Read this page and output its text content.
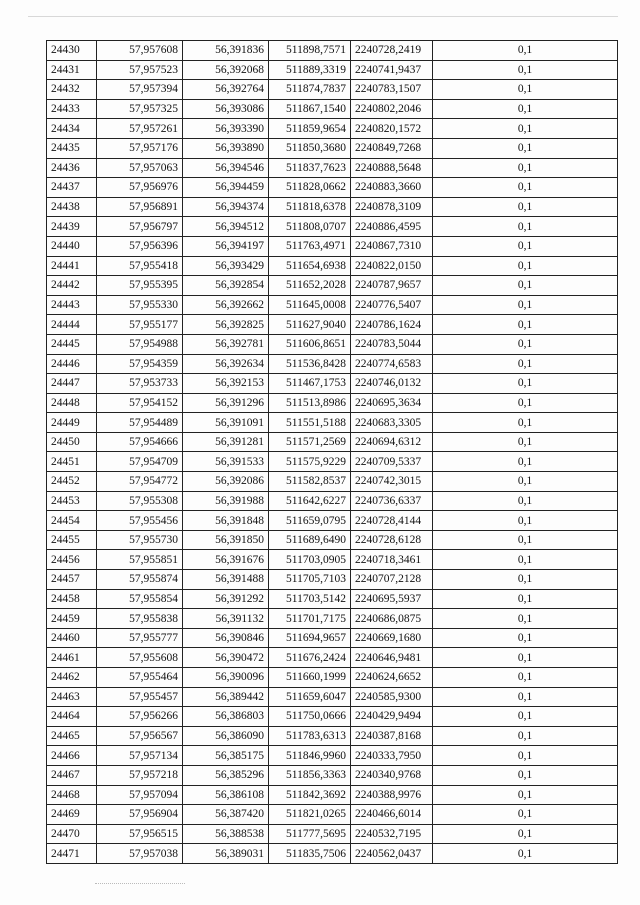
24430	57,957608	56,391836	511898,7571	2240728,2419	0,1
24431	57,957523	56,392068	511889,3319	2240741,9437	0,1
24432	57,957394	56,392764	511874,7837	2240783,1507	0,1
24433	57,957325	56,393086	511867,1540	2240802,2046	0,1
24434	57,957261	56,393390	511859,9654	2240820,1572	0,1
24435	57,957176	56,393890	511850,3680	2240849,7268	0,1
24436	57,957063	56,394546	511837,7623	2240888,5648	0,1
24437	57,956976	56,394459	511828,0662	2240883,3660	0,1
24438	57,956891	56,394374	511818,6378	2240878,3109	0,1
24439	57,956797	56,394512	511808,0707	2240886,4595	0,1
24440	57,956396	56,394197	511763,4971	2240867,7310	0,1
24441	57,955418	56,393429	511654,6938	2240822,0150	0,1
24442	57,955395	56,392854	511652,2028	2240787,9657	0,1
24443	57,955330	56,392662	511645,0008	2240776,5407	0,1
24444	57,955177	56,392825	511627,9040	2240786,1624	0,1
24445	57,954988	56,392781	511606,8651	2240783,5044	0,1
24446	57,954359	56,392634	511536,8428	2240774,6583	0,1
24447	57,953733	56,392153	511467,1753	2240746,0132	0,1
24448	57,954152	56,391296	511513,8986	2240695,3634	0,1
24449	57,954489	56,391091	511551,5188	2240683,3305	0,1
24450	57,954666	56,391281	511571,2569	2240694,6312	0,1
24451	57,954709	56,391533	511575,9229	2240709,5337	0,1
24452	57,954772	56,392086	511582,8537	2240742,3015	0,1
24453	57,955308	56,391988	511642,6227	2240736,6337	0,1
24454	57,955456	56,391848	511659,0795	2240728,4144	0,1
24455	57,955730	56,391850	511689,6490	2240728,6128	0,1
24456	57,955851	56,391676	511703,0905	2240718,3461	0,1
24457	57,955874	56,391488	511705,7103	2240707,2128	0,1
24458	57,955854	56,391292	511703,5142	2240695,5937	0,1
24459	57,955838	56,391132	511701,7175	2240686,0875	0,1
24460	57,955777	56,390846	511694,9657	2240669,1680	0,1
24461	57,955608	56,390472	511676,2424	2240646,9481	0,1
24462	57,955464	56,390096	511660,1999	2240624,6652	0,1
24463	57,955457	56,389442	511659,6047	2240585,9300	0,1
24464	57,956266	56,386803	511750,0666	2240429,9494	0,1
24465	57,956567	56,386090	511783,6313	2240387,8168	0,1
24466	57,957134	56,385175	511846,9960	2240333,7950	0,1
24467	57,957218	56,385296	511856,3363	2240340,9768	0,1
24468	57,957094	56,386108	511842,3692	2240388,9976	0,1
24469	57,956904	56,387420	511821,0265	2240466,6014	0,1
24470	57,956515	56,388538	511777,5695	2240532,7195	0,1
24471	57,957038	56,389031	511835,7506	2240562,0437	0,1
